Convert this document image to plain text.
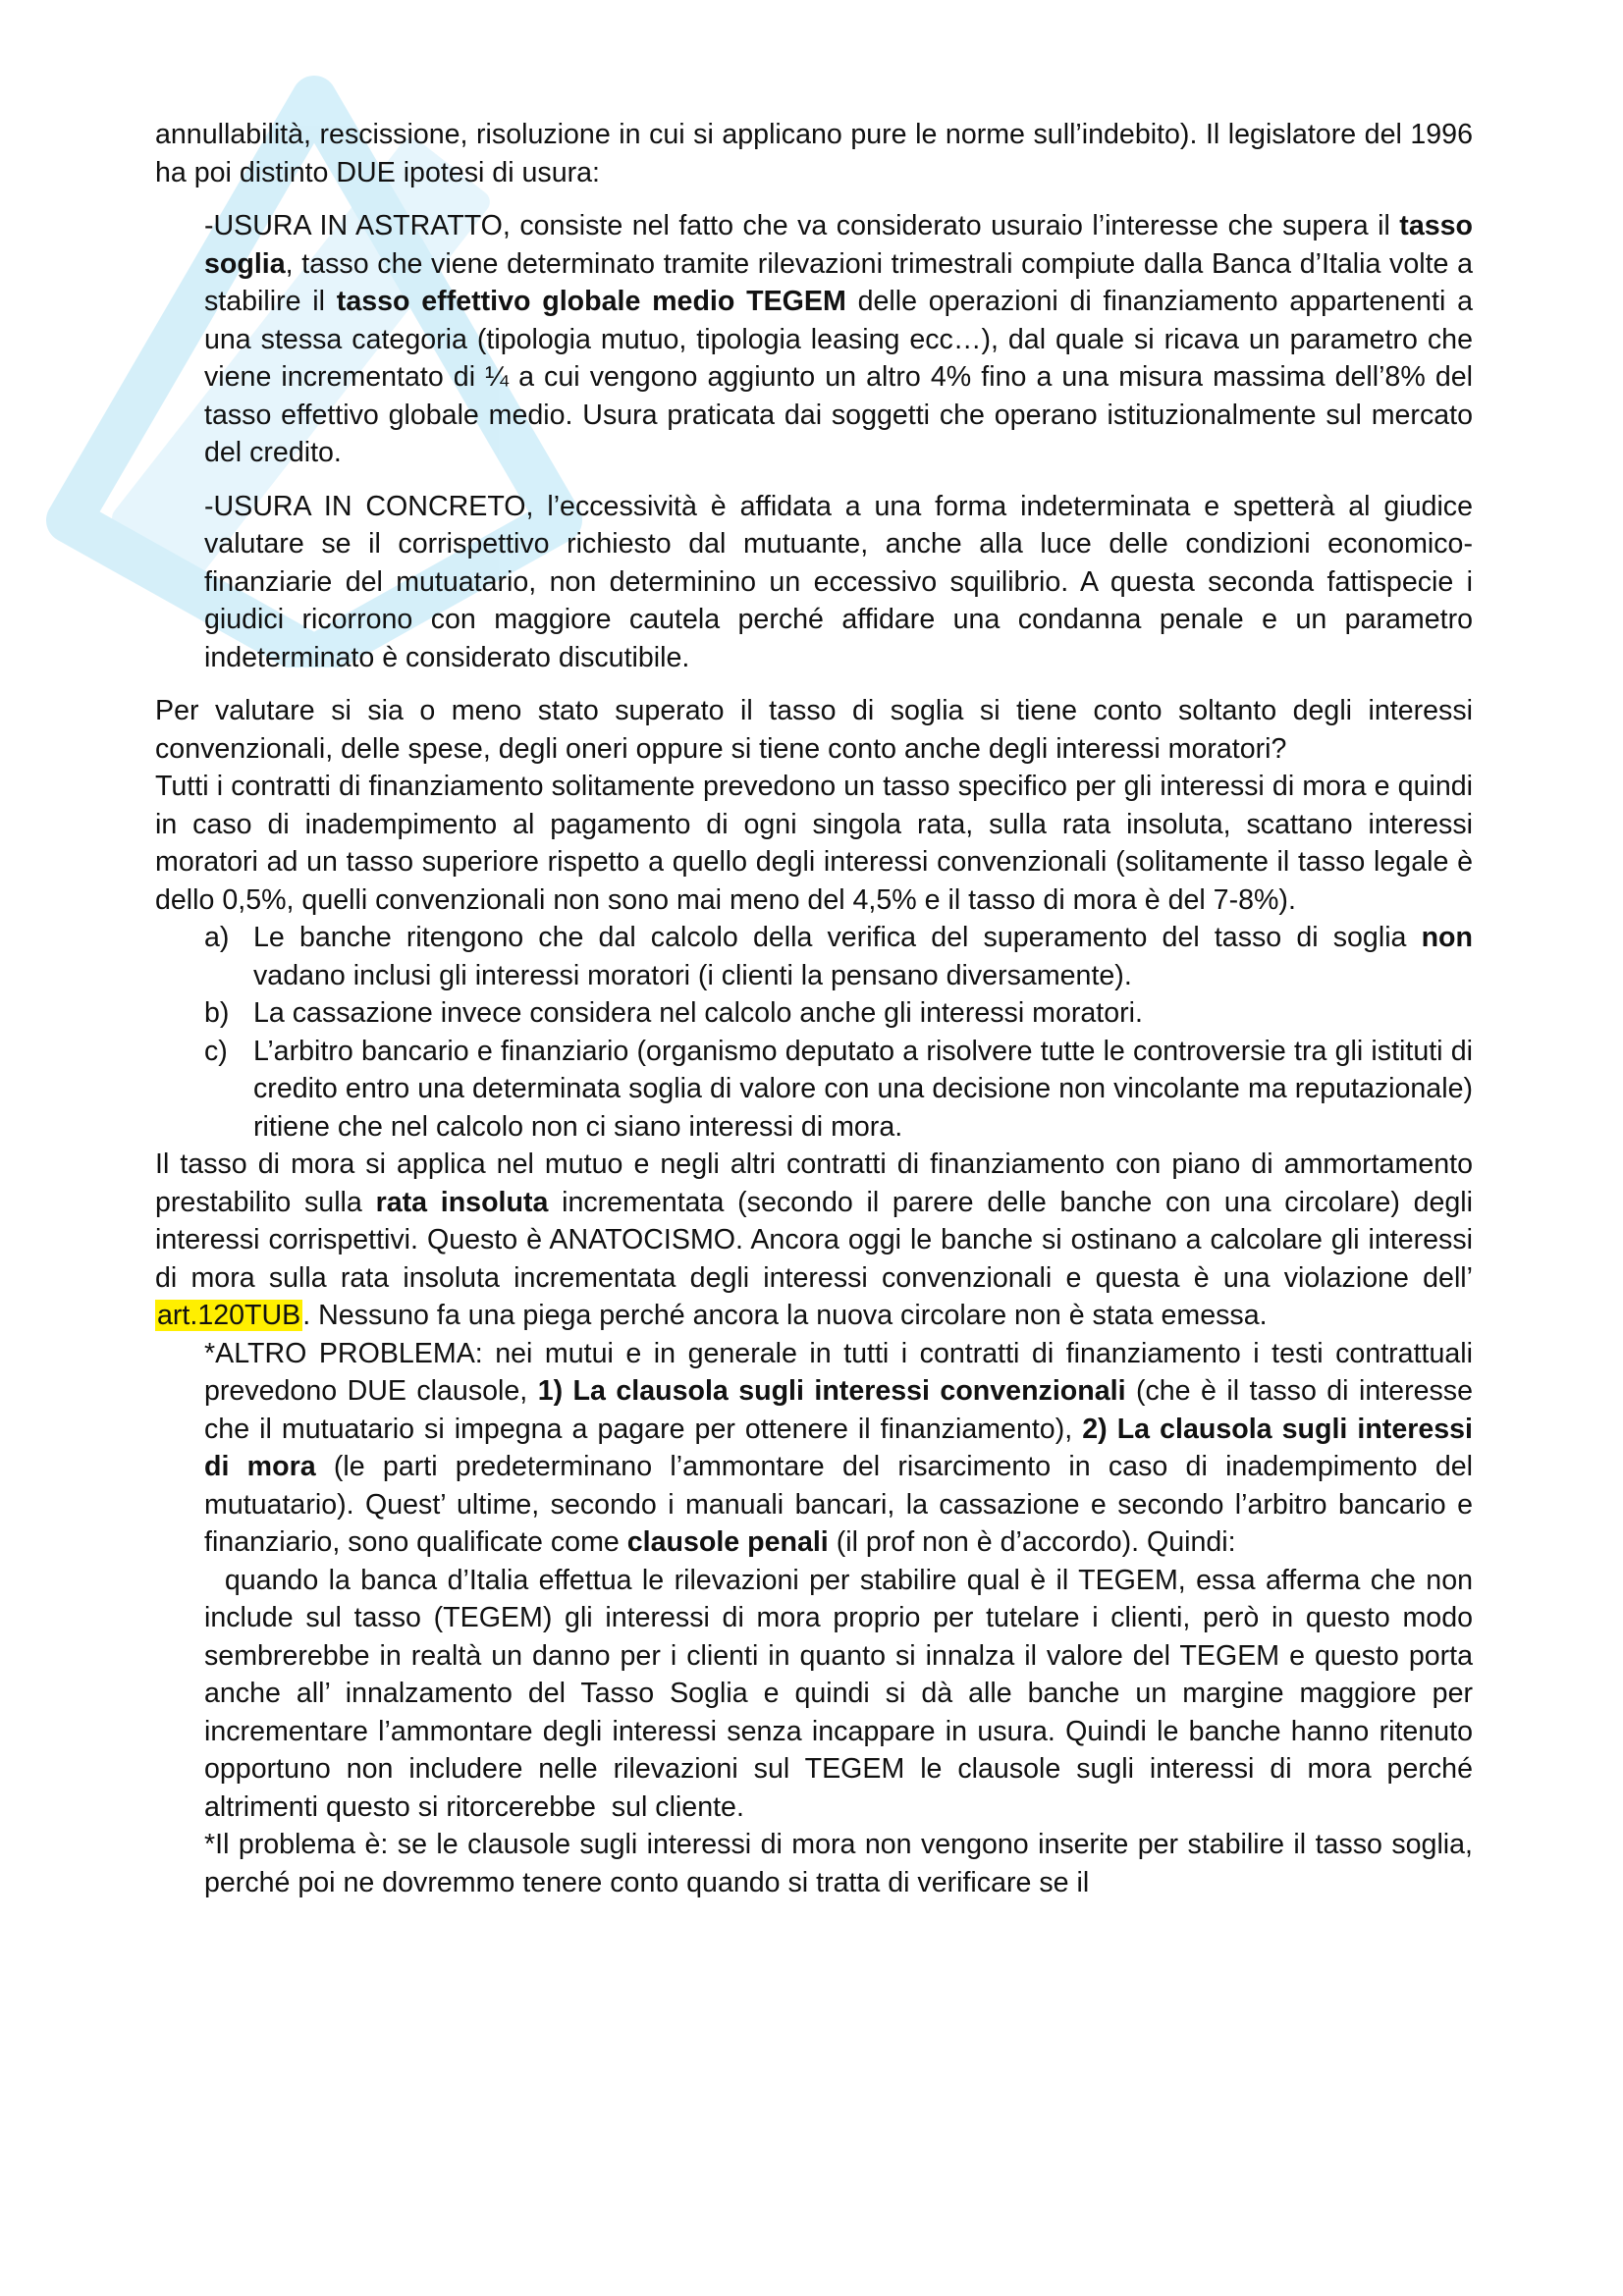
annullabilità, rescissione, risoluzione in cui si applicano pure le norme sull’indebito). Il legislatore del 1996 ha poi distinto DUE ipotesi di usura:

-USURA IN ASTRATTO, consiste nel fatto che va considerato usuraio l’interesse che supera il tasso soglia, tasso che viene determinato tramite rilevazioni trimestrali compiute dalla Banca d’Italia volte a stabilire il tasso effettivo globale medio TEGEM delle operazioni di finanziamento appartenenti a una stessa categoria (tipologia mutuo, tipologia leasing ecc…), dal quale si ricava un parametro che viene incrementato di ¼ a cui vengono aggiunto un altro 4% fino a una misura massima dell’8% del tasso effettivo globale medio. Usura praticata dai soggetti che operano istituzionalmente sul mercato del credito.

-USURA IN CONCRETO, l’eccessività è affidata a una forma indeterminata e spetterà al giudice valutare se il corrispettivo richiesto dal mutuante, anche alla luce delle condizioni economico-finanziarie del mutuatario, non determinino un eccessivo squilibrio. A questa seconda fattispecie i giudici ricorrono con maggiore cautela perché affidare una condanna penale e un parametro indeterminato è considerato discutibile.

Per valutare si sia o meno stato superato il tasso di soglia si tiene conto soltanto degli interessi convenzionali, delle spese, degli oneri oppure si tiene conto anche degli interessi moratori?

Tutti i contratti di finanziamento solitamente prevedono un tasso specifico per gli interessi di mora e quindi in caso di inadempimento al pagamento di ogni singola rata, sulla rata insoluta, scattano interessi moratori ad un tasso superiore rispetto a quello degli interessi convenzionali (solitamente il tasso legale è dello 0,5%, quelli convenzionali non sono mai meno del 4,5% e il tasso di mora è del 7-8%).

a) Le banche ritengono che dal calcolo della verifica del superamento del tasso di soglia non          vadano inclusi gli interessi moratori (i clienti la pensano diversamente).
b) La cassazione invece considera nel calcolo anche gli interessi moratori.
c) L’arbitro bancario e finanziario (organismo deputato a risolvere tutte le controversie tra gli istituti di credito entro una determinata soglia di valore con una decisione non vincolante ma reputazionale) ritiene che nel calcolo non ci siano interessi di mora.

Il tasso di mora si applica nel mutuo e negli altri contratti di finanziamento con piano di ammortamento prestabilito sulla rata insoluta incrementata (secondo il parere delle banche con una circolare) degli interessi corrispettivi. Questo è ANATOCISMO. Ancora oggi le banche si ostinano a calcolare gli interessi di mora sulla rata insoluta incrementata degli interessi convenzionali e questa è una violazione dell’ art.120TUB. Nessuno fa una piega perché ancora la nuova circolare non è stata emessa.

*ALTRO PROBLEMA: nei mutui e in generale in tutti i contratti di finanziamento i testi contrattuali prevedono DUE clausole, 1) La clausola sugli interessi convenzionali (che è il tasso di interesse che il mutuatario si impegna a pagare per ottenere il finanziamento), 2) La clausola sugli interessi di mora (le parti predeterminano l’ammontare del risarcimento in caso di inadempimento del mutuatario). Quest’ ultime, secondo i manuali bancari, la cassazione e secondo l’arbitro bancario e finanziario, sono qualificate come clausole penali (il prof non è d’accordo). Quindi:

quando la banca d’Italia effettua le rilevazioni per stabilire qual è il TEGEM, essa afferma che non include sul tasso (TEGEM) gli interessi di mora proprio per tutelare i clienti, però in questo modo sembrerebbe in realtà un danno per i clienti in quanto si innalza il valore del TEGEM e questo porta anche all’ innalzamento del Tasso Soglia e quindi si dà alle banche un margine maggiore per incrementare l’ammontare degli interessi senza incappare in usura. Quindi le banche hanno ritenuto opportuno non includere nelle rilevazioni sul TEGEM le clausole sugli interessi di mora perché altrimenti questo si ritorcerebbe  sul cliente.

*Il problema è: se le clausole sugli interessi di mora non vengono inserite per stabilire il tasso soglia, perché poi ne dovremmo tenere conto quando si tratta di verificare se il
